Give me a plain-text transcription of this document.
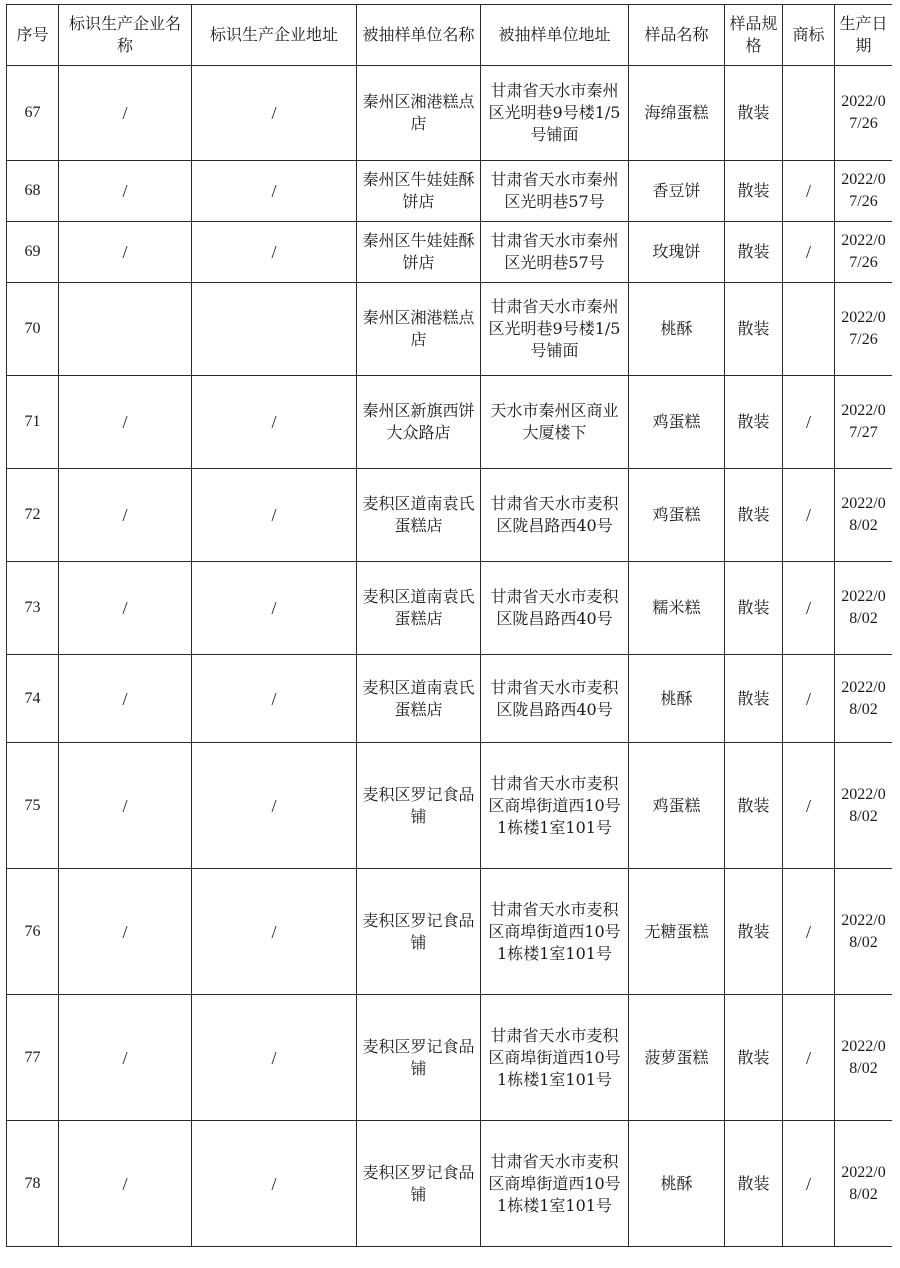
序号	标识生产企业名称	标识生产企业地址	被抽样单位名称	被抽样单位地址	样品名称	样品规格	商标	生产日期
67	/	/	秦州区湘港糕点店	甘肃省天水市秦州区光明巷9号楼1/5号铺面	海绵蛋糕	散装		2022/07/26
68	/	/	秦州区牛娃娃酥饼店	甘肃省天水市秦州区光明巷57号	香豆饼	散装	/	2022/07/26
69	/	/	秦州区牛娃娃酥饼店	甘肃省天水市秦州区光明巷57号	玫瑰饼	散装	/	2022/07/26
70			秦州区湘港糕点店	甘肃省天水市秦州区光明巷9号楼1/5号铺面	桃酥	散装		2022/07/26
71	/	/	秦州区新旗西饼大众路店	天水市秦州区商业大厦楼下	鸡蛋糕	散装	/	2022/07/27
72	/	/	麦积区道南袁氏蛋糕店	甘肃省天水市麦积区陇昌路西40号	鸡蛋糕	散装	/	2022/08/02
73	/	/	麦积区道南袁氏蛋糕店	甘肃省天水市麦积区陇昌路西40号	糯米糕	散装	/	2022/08/02
74	/	/	麦积区道南袁氏蛋糕店	甘肃省天水市麦积区陇昌路西40号	桃酥	散装	/	2022/08/02
75	/	/	麦积区罗记食品铺	甘肃省天水市麦积区商埠街道西10号1栋楼1室101号	鸡蛋糕	散装	/	2022/08/02
76	/	/	麦积区罗记食品铺	甘肃省天水市麦积区商埠街道西10号1栋楼1室101号	无糖蛋糕	散装	/	2022/08/02
77	/	/	麦积区罗记食品铺	甘肃省天水市麦积区商埠街道西10号1栋楼1室101号	菠萝蛋糕	散装	/	2022/08/02
78	/	/	麦积区罗记食品铺	甘肃省天水市麦积区商埠街道西10号1栋楼1室101号	桃酥	散装	/	2022/08/02
